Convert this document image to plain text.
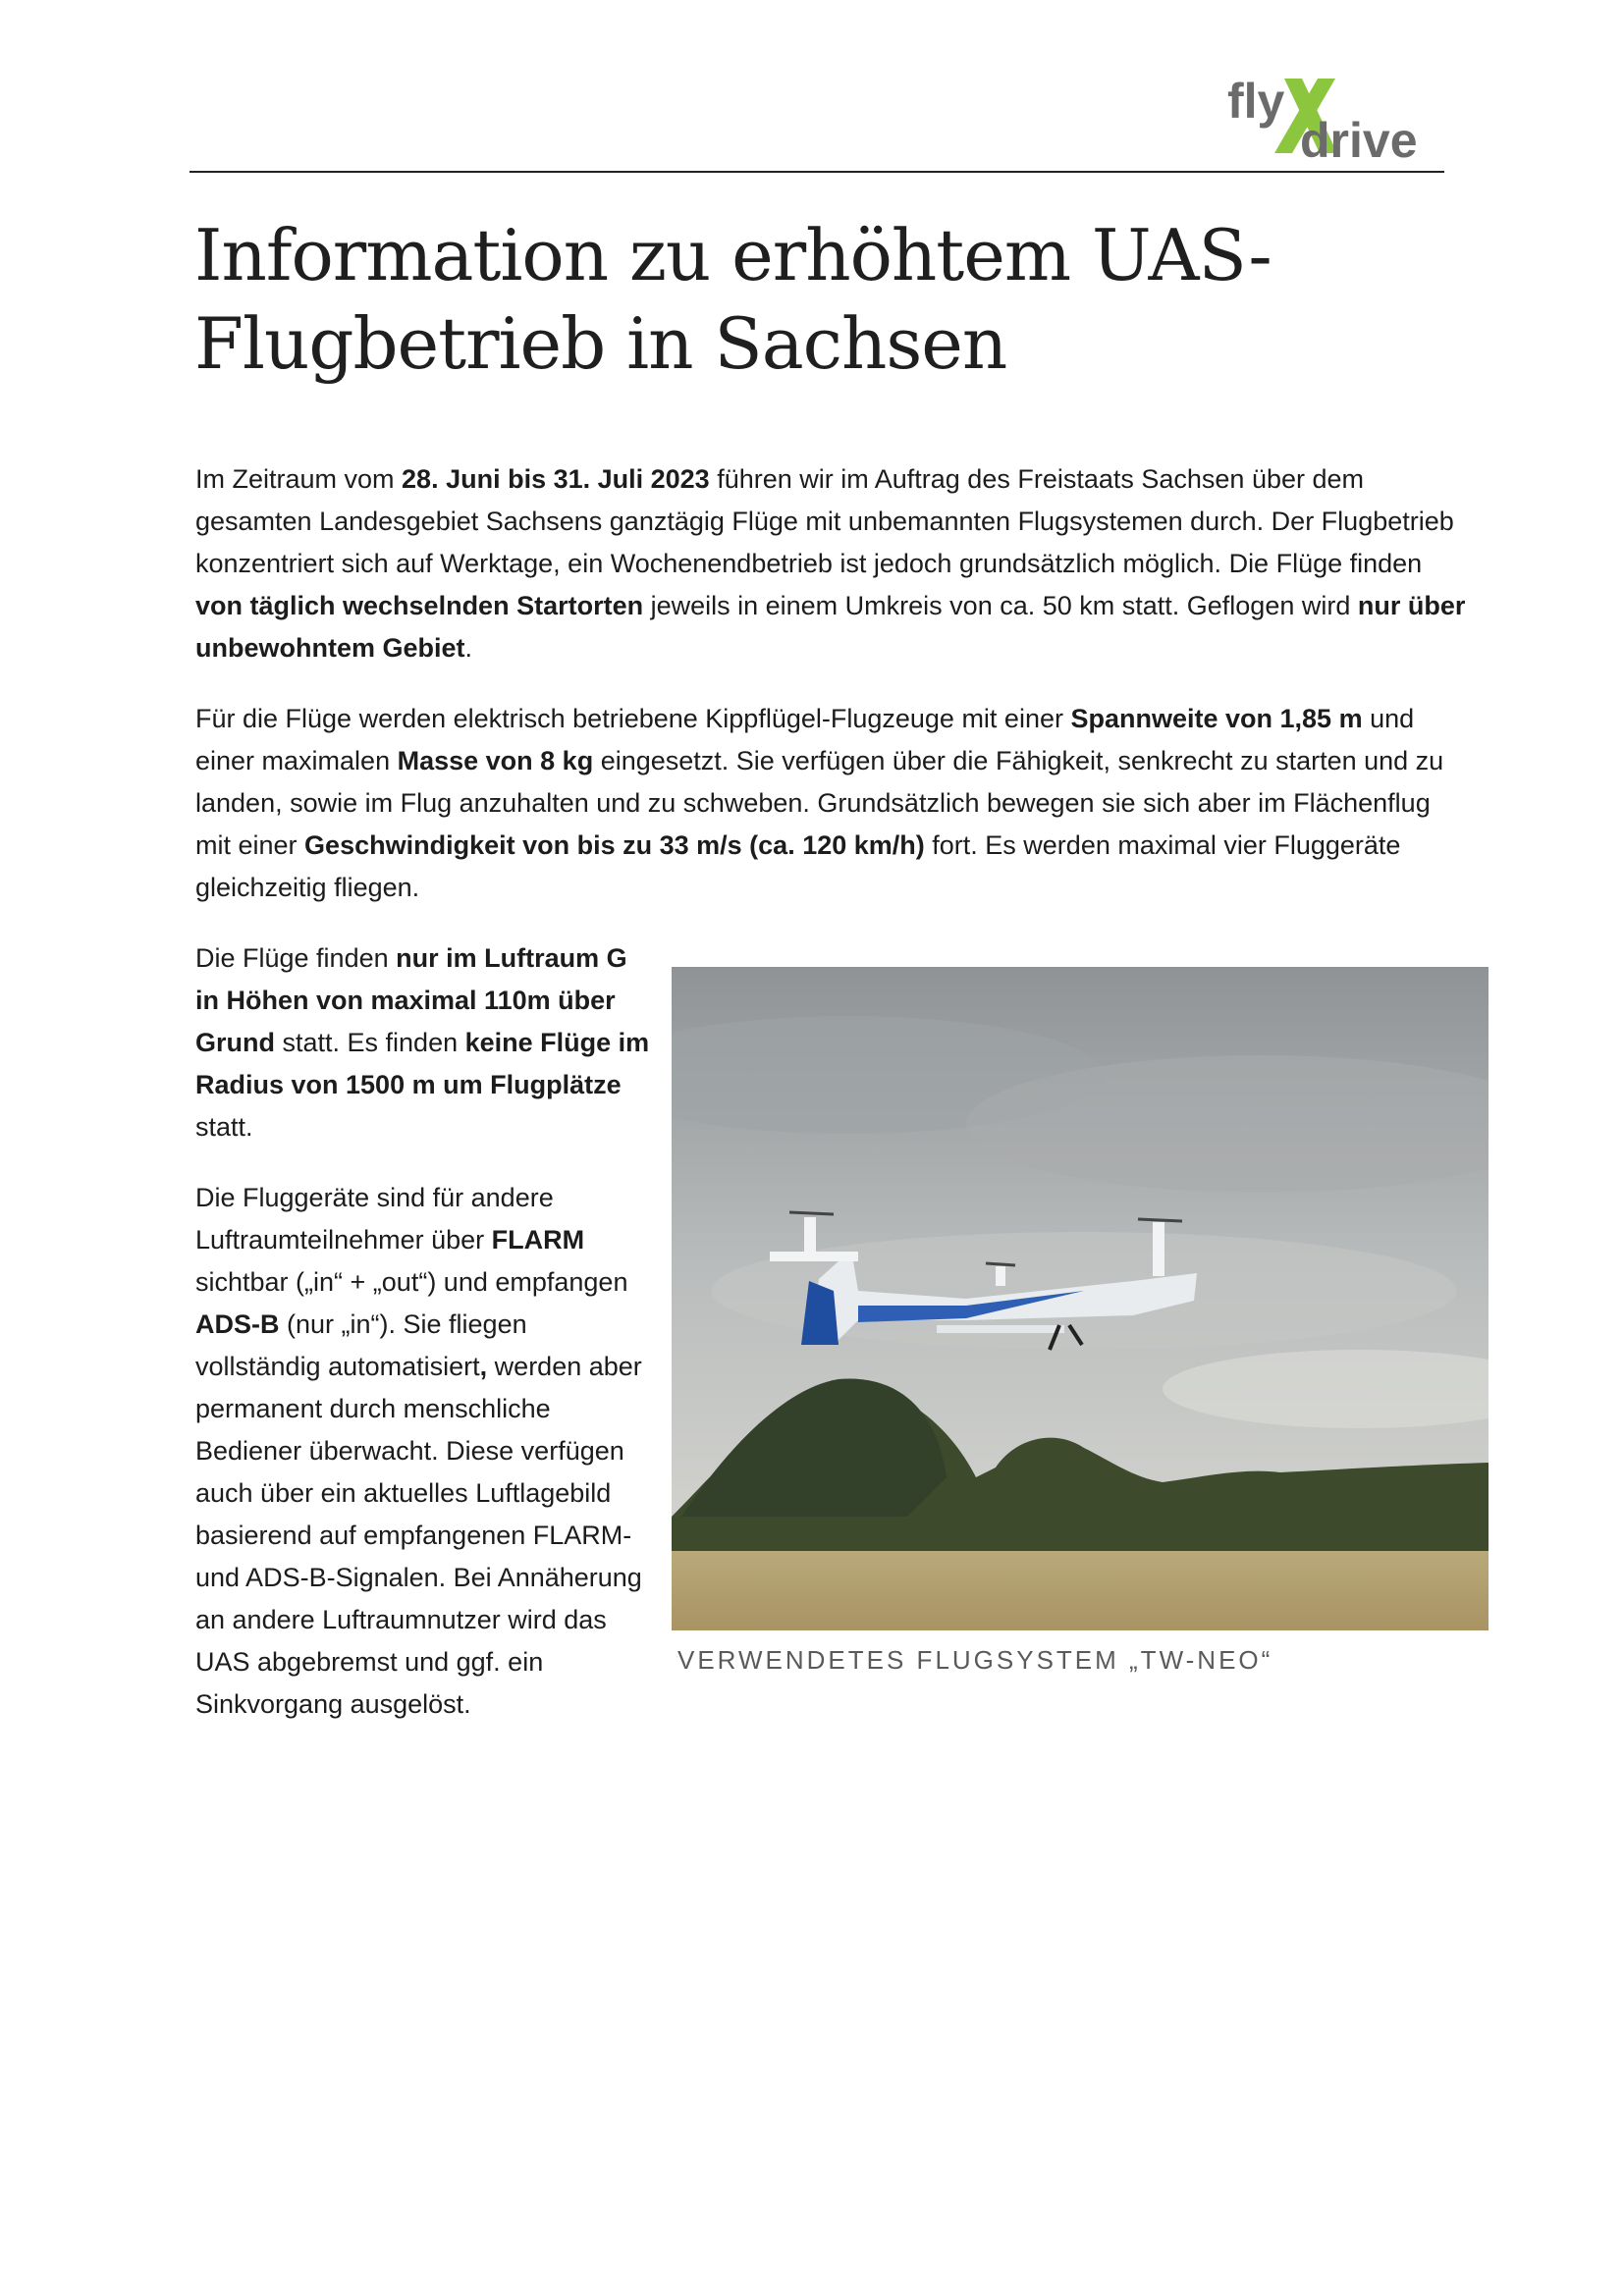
fly
drive
Information zu erhöhtem UAS-Flugbetrieb in Sachsen

Im Zeitraum vom 28. Juni bis 31. Juli 2023 führen wir im Auftrag des Freistaats Sachsen über dem gesamten Landesgebiet Sachsens ganztägig Flüge mit unbemannten Flugsystemen durch. Der Flugbetrieb konzentriert sich auf Werktage, ein Wochenendbetrieb ist jedoch grundsätzlich möglich. Die Flüge finden von täglich wechselnden Startorten jeweils in einem Umkreis von ca. 50 km statt. Geflogen wird nur über unbewohntem Gebiet.

Für die Flüge werden elektrisch betriebene Kippflügel-Flugzeuge mit einer Spannweite von 1,85 m und einer maximalen Masse von 8 kg eingesetzt. Sie verfügen über die Fähigkeit, senkrecht zu starten und zu landen, sowie im Flug anzuhalten und zu schweben. Grundsätzlich bewegen sie sich aber im Flächenflug mit einer Geschwindigkeit von bis zu 33 m/s (ca. 120 km/h) fort. Es werden maximal vier Fluggeräte gleichzeitig fliegen.

Die Flüge finden nur im Luftraum G in Höhen von maximal 110m über Grund statt. Es finden keine Flüge im Radius von 1500 m um Flugplätze statt.

Die Fluggeräte sind für andere Luftraumteilnehmer über FLARM sichtbar („in“ + „out“) und empfangen ADS-B (nur „in“). Sie fliegen vollständig automatisiert, werden aber permanent durch menschliche Bediener überwacht. Diese verfügen auch über ein aktuelles Luftlagebild basierend auf empfangenen FLARM- und ADS-B-Signalen. Bei Annäherung an andere Luftraumnutzer wird das UAS abgebremst und ggf. ein Sinkvorgang ausgelöst.

VERWENDETES FLUGSYSTEM „TW-NEO“
